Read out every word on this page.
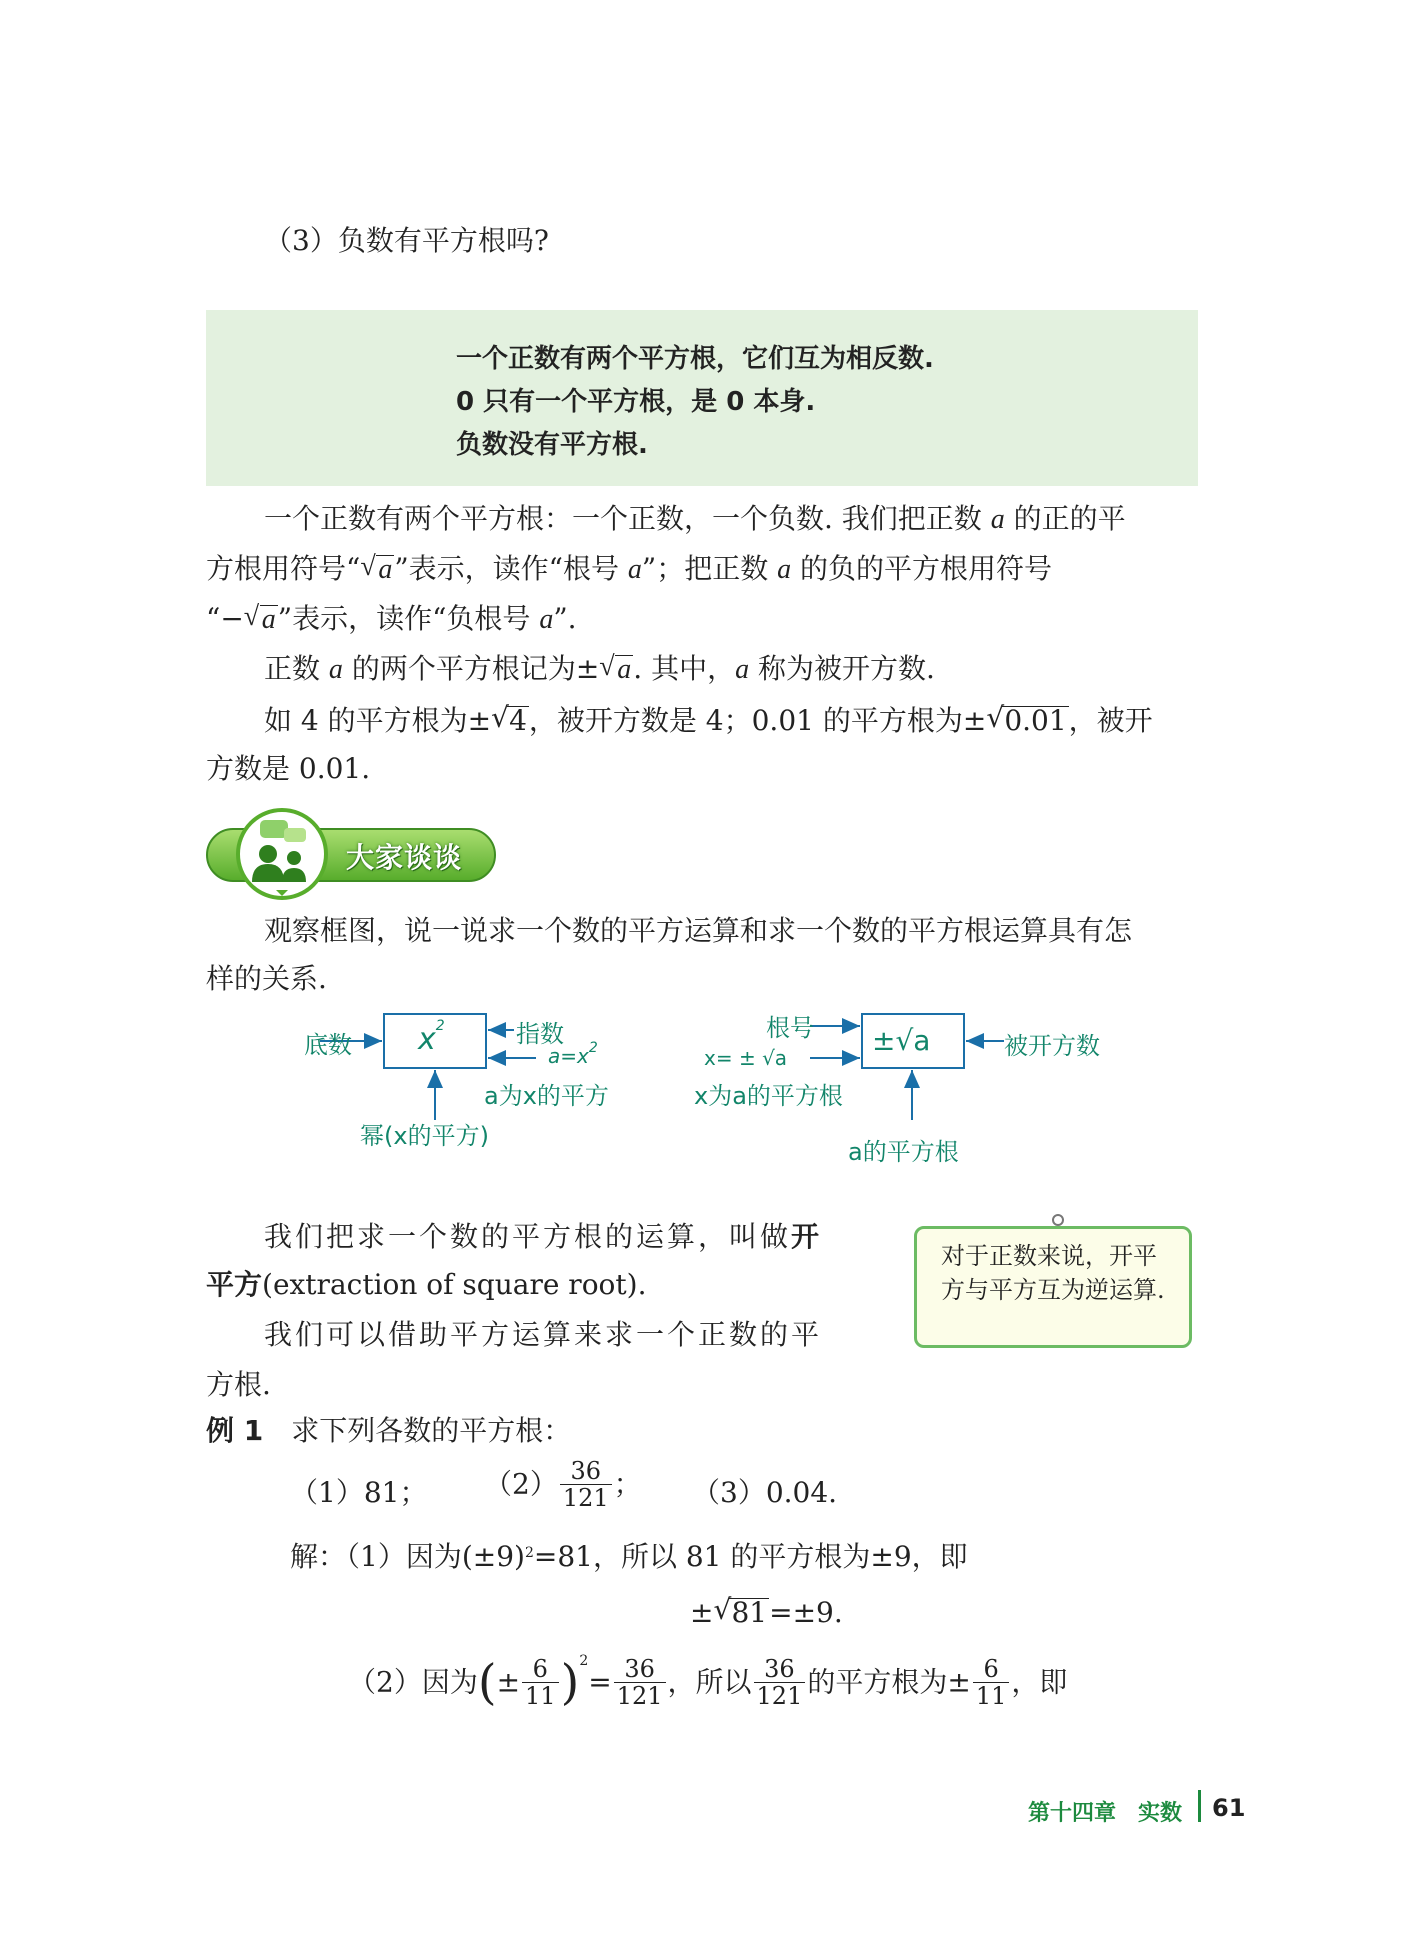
（3）负数有平方根吗?
一个正数有两个平方根，它们互为相反数.
0 只有一个平方根，是 0 本身.
负数没有平方根.
一个正数有两个平方根：一个正数，一个负数. 我们把正数 a 的正的平
方根用符号“ √ a”表示，读作“根号 a”；把正数 a 的负的平方根用符号
“− √ a”表示，读作“负根号 a”.
正数 a 的两个平方根记为± √ a. 其中，a 称为被开方数.
如 4 的平方根为± √ 4，被开方数是 4；0.01 的平方根为± √ 0.01，被开
方数是 0.01.
大家谈谈
观察框图，说一说求一个数的平方运算和求一个数的平方根运算具有怎
样的关系.
底数 $x^2$	指数
$a=x^2$
a为x的平方
幂(x的平方)
±√a
根号
被开方数
x= ± √a
x为a的平方根
a的平方根
我们把求一个数的平方根的运算，叫做开
平方(extraction of square root).
我们可以借助平方运算来求一个正数的平
方根.
对于正数来说，开平方与平方互为逆运算.
例 1　 求下列各数的平方根：
（1）81； $(2) \frac{36}{121}$ ； （3）0.04.
解：（1）因为$(\pm 9)^2=81$，所以 81 的平方根为±9，即
± √ 81=±9.
（2）因为(± $\frac{6}{11} )^2= \frac{36}{121}$ ，所以 $\frac{36}{121}$ 的平方根为± $\frac{6}{11}$ ，即
第十四章　实数 61
